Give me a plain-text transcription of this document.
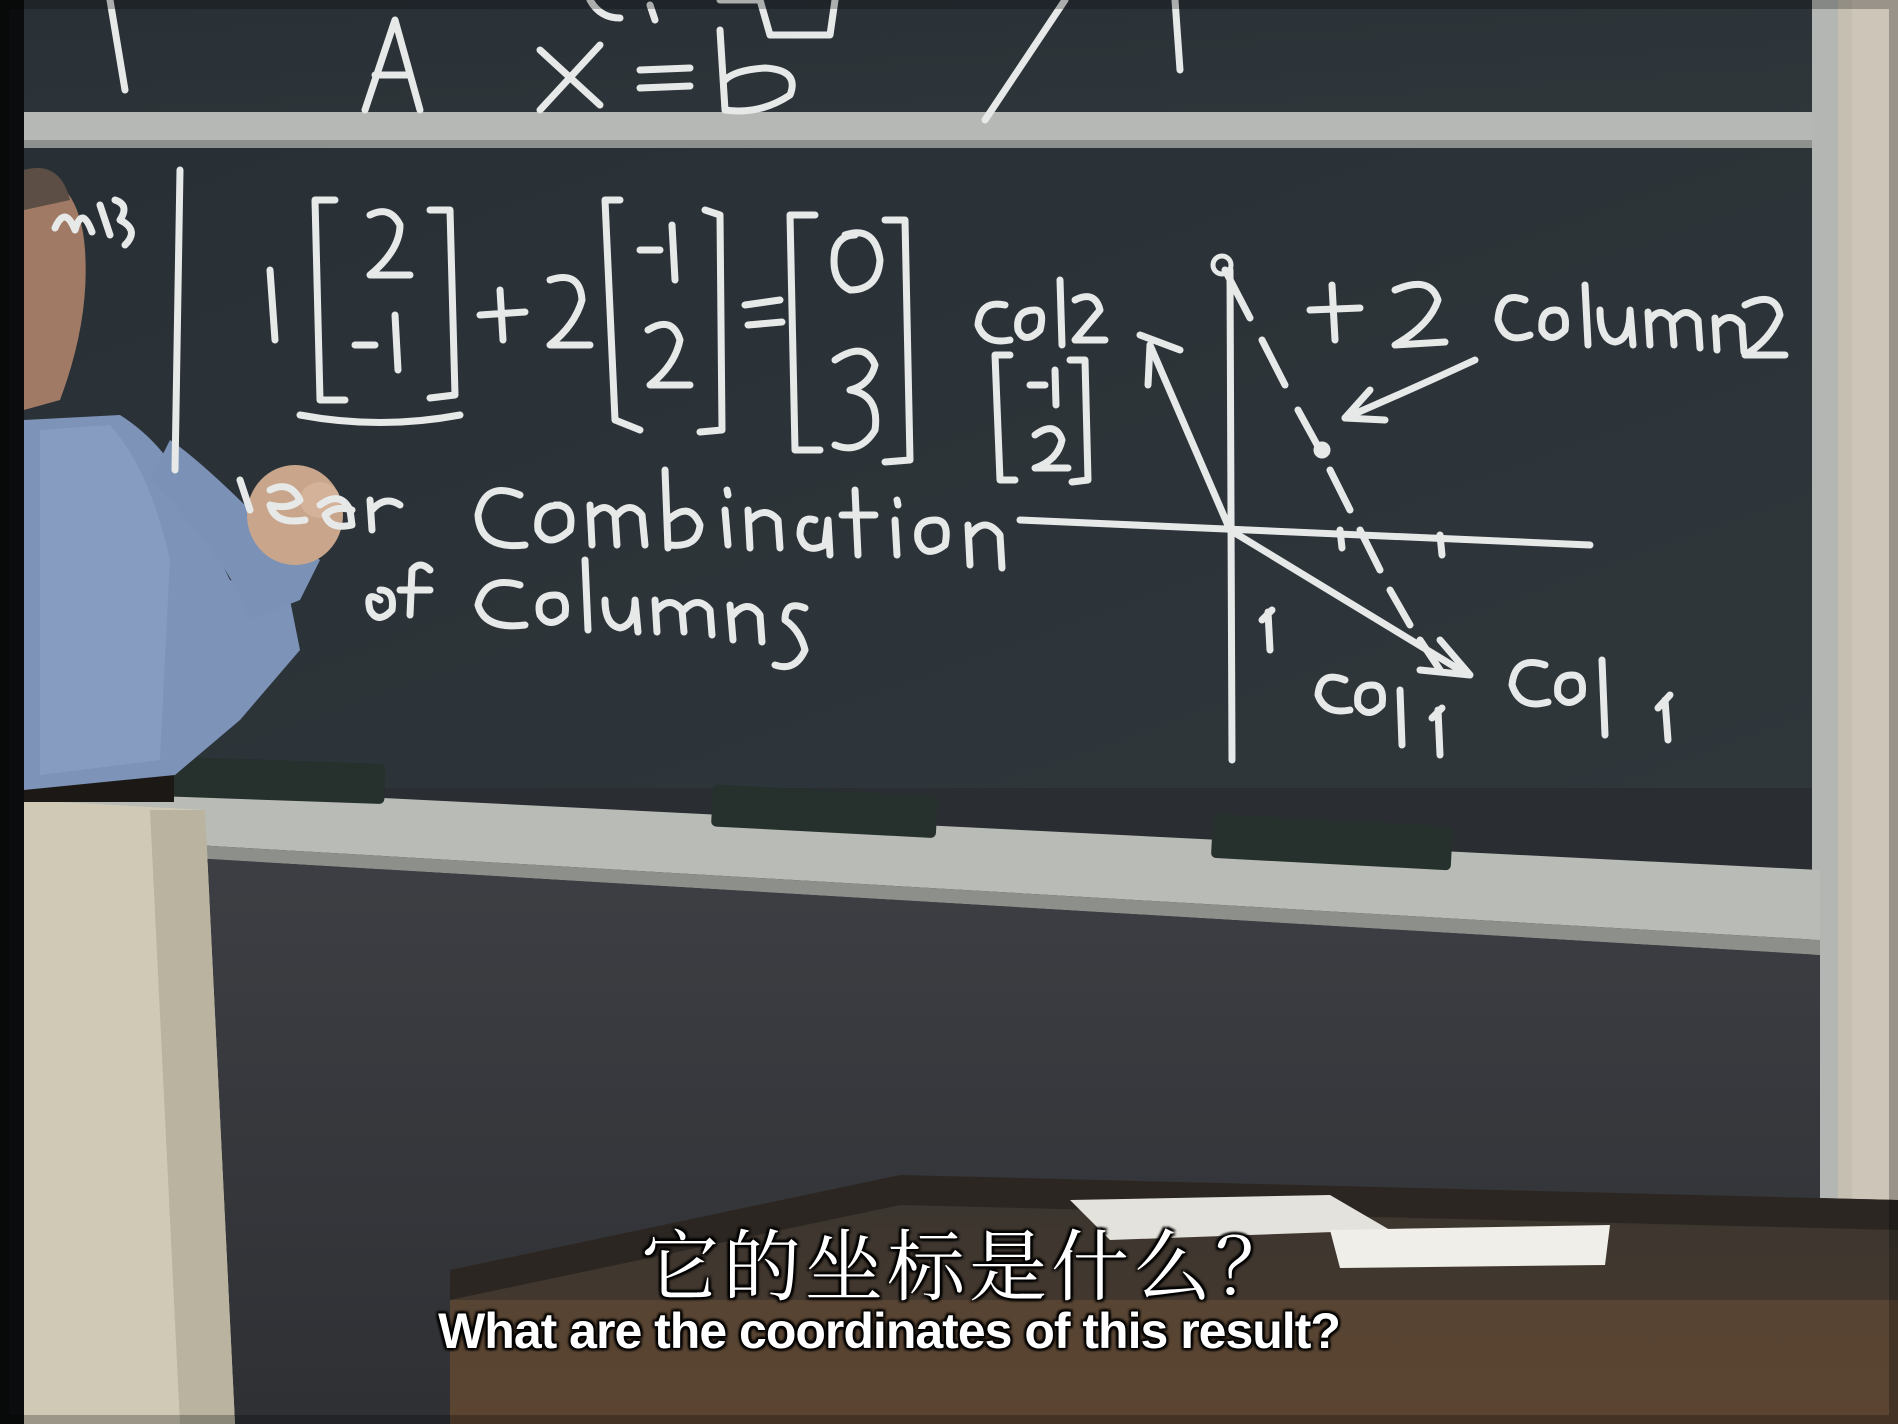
它的坐标是什么？
What are the coordinates of this result?
